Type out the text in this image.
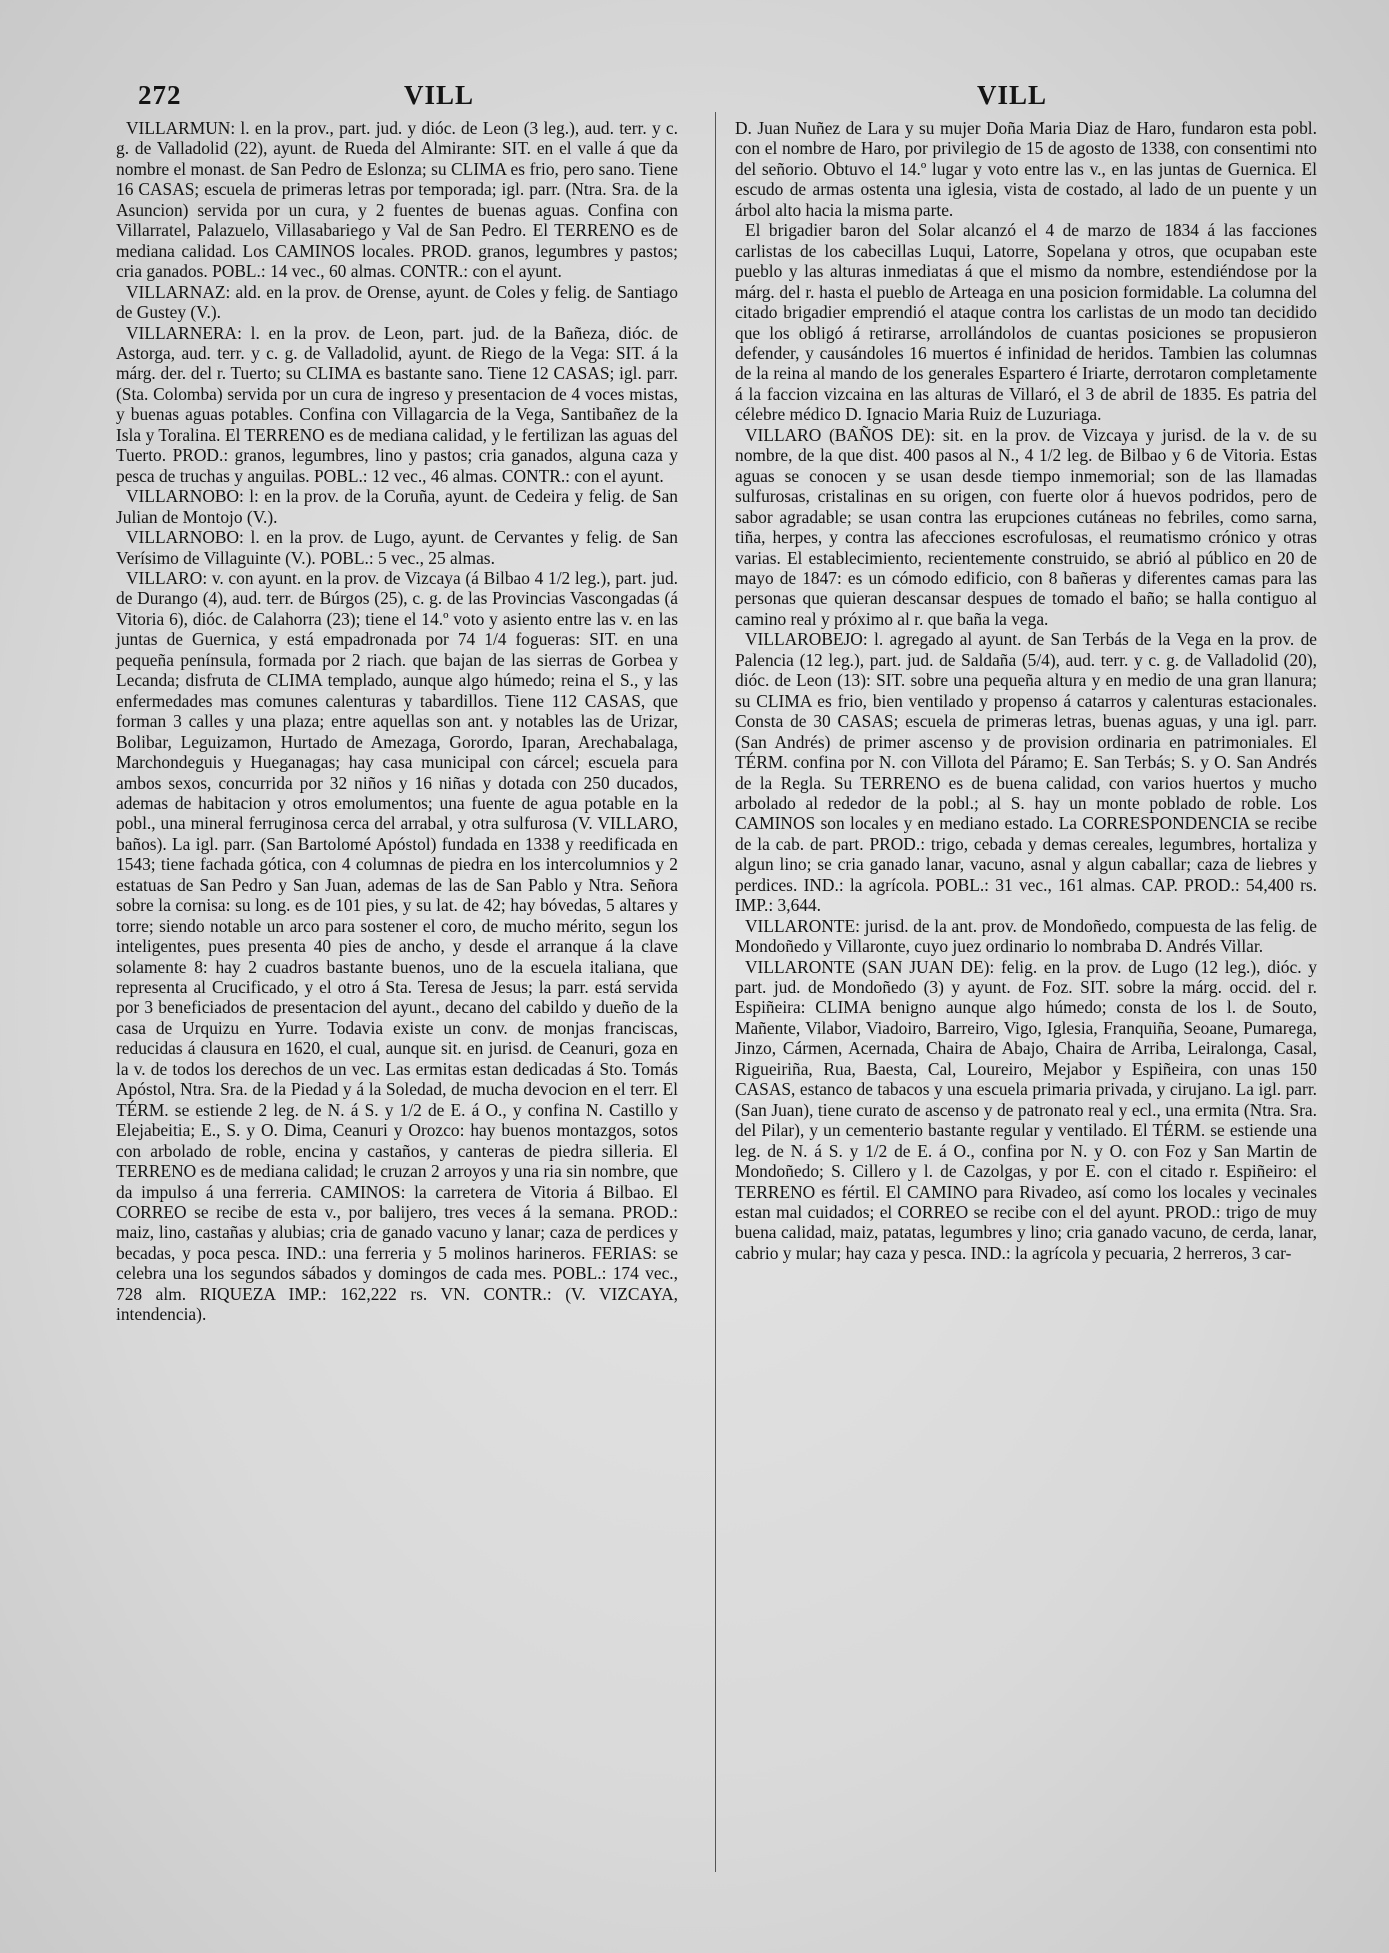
272	VILL	VILL

VILLARMUN: l. en la prov., part. jud. y dióc. de Leon (3 leg.), aud. terr. y c. g. de Valladolid (22), ayunt. de Rueda del Almirante: SIT. en el valle á que da nombre el monast. de San Pedro de Eslonza; su CLIMA es frio, pero sano. Tiene 16 CASAS; escuela de primeras letras por temporada; igl. parr. (Ntra. Sra. de la Asuncion) servida por un cura, y 2 fuentes de buenas aguas. Confina con Villarratel, Palazuelo, Villasabariego y Val de San Pedro. El TERRENO es de mediana calidad. Los CAMINOS locales. PROD. granos, legumbres y pastos; cria ganados. POBL.: 14 vec., 60 almas. CONTR.: con el ayunt.

VILLARNAZ: ald. en la prov. de Orense, ayunt. de Coles y felig. de Santiago de Gustey (V.).

VILLARNERA: l. en la prov. de Leon, part. jud. de la Bañeza, dióc. de Astorga, aud. terr. y c. g. de Valladolid, ayunt. de Riego de la Vega: SIT. á la márg. der. del r. Tuerto; su CLIMA es bastante sano. Tiene 12 CASAS; igl. parr. (Sta. Colomba) servida por un cura de ingreso y presentacion de 4 voces mistas, y buenas aguas potables. Confina con Villagarcia de la Vega, Santibañez de la Isla y Toralina. El TERRENO es de mediana calidad, y le fertilizan las aguas del Tuerto. PROD.: granos, legumbres, lino y pastos; cria ganados, alguna caza y pesca de truchas y anguilas. POBL.: 12 vec., 46 almas. CONTR.: con el ayunt.

VILLARNOBO: l: en la prov. de la Coruña, ayunt. de Cedeira y felig. de San Julian de Montojo (V.).

VILLARNOBO: l. en la prov. de Lugo, ayunt. de Cervantes y felig. de San Verísimo de Villaguinte (V.). POBL.: 5 vec., 25 almas.

VILLARO: v. con ayunt. en la prov. de Vizcaya (á Bilbao 4 1/2 leg.), part. jud. de Durango (4), aud. terr. de Búrgos (25), c. g. de las Provincias Vascongadas (á Vitoria 6), dióc. de Calahorra (23); tiene el 14.º voto y asiento entre las v. en las juntas de Guernica, y está empadronada por 74 1/4 fogueras: SIT. en una pequeña península, formada por 2 riach. que bajan de las sierras de Gorbea y Lecanda; disfruta de CLIMA templado, aunque algo húmedo; reina el S., y las enfermedades mas comunes calenturas y tabardillos. Tiene 112 CASAS, que forman 3 calles y una plaza; entre aquellas son ant. y notables las de Urizar, Bolibar, Leguizamon, Hurtado de Amezaga, Gorordo, Iparan, Arechabalaga, Marchondeguis y Hueganagas; hay casa municipal con cárcel; escuela para ambos sexos, concurrida por 32 niños y 16 niñas y dotada con 250 ducados, ademas de habitacion y otros emolumentos; una fuente de agua potable en la pobl., una mineral ferruginosa cerca del arrabal, y otra sulfurosa (V. VILLARO, baños). La igl. parr. (San Bartolomé Apóstol) fundada en 1338 y reedificada en 1543; tiene fachada gótica, con 4 columnas de piedra en los intercolumnios y 2 estatuas de San Pedro y San Juan, ademas de las de San Pablo y Ntra. Señora sobre la cornisa: su long. es de 101 pies, y su lat. de 42; hay bóvedas, 5 altares y torre; siendo notable un arco para sostener el coro, de mucho mérito, segun los inteligentes, pues presenta 40 pies de ancho, y desde el arranque á la clave solamente 8: hay 2 cuadros bastante buenos, uno de la escuela italiana, que representa al Crucificado, y el otro á Sta. Teresa de Jesus; la parr. está servida por 3 beneficiados de presentacion del ayunt., decano del cabildo y dueño de la casa de Urquizu en Yurre. Todavia existe un conv. de monjas franciscas, reducidas á clausura en 1620, el cual, aunque sit. en jurisd. de Ceanuri, goza en la v. de todos los derechos de un vec. Las ermitas estan dedicadas á Sto. Tomás Apóstol, Ntra. Sra. de la Piedad y á la Soledad, de mucha devocion en el terr. El TÉRM. se estiende 2 leg. de N. á S. y 1/2 de E. á O., y confina N. Castillo y Elejabeitia; E., S. y O. Dima, Ceanuri y Orozco: hay buenos montazgos, sotos con arbolado de roble, encina y castaños, y canteras de piedra silleria. El TERRENO es de mediana calidad; le cruzan 2 arroyos y una ria sin nombre, que da impulso á una ferreria. CAMINOS: la carretera de Vitoria á Bilbao. El CORREO se recibe de esta v., por balijero, tres veces á la semana. PROD.: maiz, lino, castañas y alubias; cria de ganado vacuno y lanar; caza de perdices y becadas, y poca pesca. IND.: una ferreria y 5 molinos harineros. FERIAS: se celebra una los segundos sábados y domingos de cada mes. POBL.: 174 vec., 728 alm. RIQUEZA IMP.: 162,222 rs. VN. CONTR.: (V. VIZCAYA, intendencia).

D. Juan Nuñez de Lara y su mujer Doña Maria Diaz de Haro, fundaron esta pobl. con el nombre de Haro, por privilegio de 15 de agosto de 1338, con consentimi nto del señorio. Obtuvo el 14.º lugar y voto entre las v., en las juntas de Guernica. El escudo de armas ostenta una iglesia, vista de costado, al lado de un puente y un árbol alto hacia la misma parte.

El brigadier baron del Solar alcanzó el 4 de marzo de 1834 á las facciones carlistas de los cabecillas Luqui, Latorre, Sopelana y otros, que ocupaban este pueblo y las alturas inmediatas á que el mismo da nombre, estendiéndose por la márg. del r. hasta el pueblo de Arteaga en una posicion formidable. La columna del citado brigadier emprendió el ataque contra los carlistas de un modo tan decidido que los obligó á retirarse, arrollándolos de cuantas posiciones se propusieron defender, y causándoles 16 muertos é infinidad de heridos. Tambien las columnas de la reina al mando de los generales Espartero é Iriarte, derrotaron completamente á la faccion vizcaina en las alturas de Villaró, el 3 de abril de 1835. Es patria del célebre médico D. Ignacio Maria Ruiz de Luzuriaga.

VILLARO (BAÑOS DE): sit. en la prov. de Vizcaya y jurisd. de la v. de su nombre, de la que dist. 400 pasos al N., 4 1/2 leg. de Bilbao y 6 de Vitoria. Estas aguas se conocen y se usan desde tiempo inmemorial; son de las llamadas sulfurosas, cristalinas en su origen, con fuerte olor á huevos podridos, pero de sabor agradable; se usan contra las erupciones cutáneas no febriles, como sarna, tiña, herpes, y contra las afecciones escrofulosas, el reumatismo crónico y otras varias. El establecimiento, recientemente construido, se abrió al público en 20 de mayo de 1847: es un cómodo edificio, con 8 bañeras y diferentes camas para las personas que quieran descansar despues de tomado el baño; se halla contiguo al camino real y próximo al r. que baña la vega.

VILLAROBEJO: l. agregado al ayunt. de San Terbás de la Vega en la prov. de Palencia (12 leg.), part. jud. de Saldaña (5/4), aud. terr. y c. g. de Valladolid (20), dióc. de Leon (13): SIT. sobre una pequeña altura y en medio de una gran llanura; su CLIMA es frio, bien ventilado y propenso á catarros y calenturas estacionales. Consta de 30 CASAS; escuela de primeras letras, buenas aguas, y una igl. parr. (San Andrés) de primer ascenso y de provision ordinaria en patrimoniales. El TÉRM. confina por N. con Villota del Páramo; E. San Terbás; S. y O. San Andrés de la Regla. Su TERRENO es de buena calidad, con varios huertos y mucho arbolado al rededor de la pobl.; al S. hay un monte poblado de roble. Los CAMINOS son locales y en mediano estado. La CORRESPONDENCIA se recibe de la cab. de part. PROD.: trigo, cebada y demas cereales, legumbres, hortaliza y algun lino; se cria ganado lanar, vacuno, asnal y algun caballar; caza de liebres y perdices. IND.: la agrícola. POBL.: 31 vec., 161 almas. CAP. PROD.: 54,400 rs. IMP.: 3,644.

VILLARONTE: jurisd. de la ant. prov. de Mondoñedo, compuesta de las felig. de Mondoñedo y Villaronte, cuyo juez ordinario lo nombraba D. Andrés Villar.

VILLARONTE (SAN JUAN DE): felig. en la prov. de Lugo (12 leg.), dióc. y part. jud. de Mondoñedo (3) y ayunt. de Foz. SIT. sobre la márg. occid. del r. Espiñeira: CLIMA benigno aunque algo húmedo; consta de los l. de Souto, Mañente, Vilabor, Viadoiro, Barreiro, Vigo, Iglesia, Franquiña, Seoane, Pumarega, Jinzo, Cármen, Acernada, Chaira de Abajo, Chaira de Arriba, Leiralonga, Casal, Rigueiriña, Rua, Baesta, Cal, Loureiro, Mejabor y Espiñeira, con unas 150 CASAS, estanco de tabacos y una escuela primaria privada, y cirujano. La igl. parr. (San Juan), tiene curato de ascenso y de patronato real y ecl., una ermita (Ntra. Sra. del Pilar), y un cementerio bastante regular y ventilado. El TÉRM. se estiende una leg. de N. á S. y 1/2 de E. á O., confina por N. y O. con Foz y San Martin de Mondoñedo; S. Cillero y l. de Cazolgas, y por E. con el citado r. Espiñeiro: el TERRENO es fértil. El CAMINO para Rivadeo, así como los locales y vecinales estan mal cuidados; el CORREO se recibe con el del ayunt. PROD.: trigo de muy buena calidad, maiz, patatas, legumbres y lino; cria ganado vacuno, de cerda, lanar, cabrio y mular; hay caza y pesca. IND.: la agrícola y pecuaria, 2 herreros, 3 car-
